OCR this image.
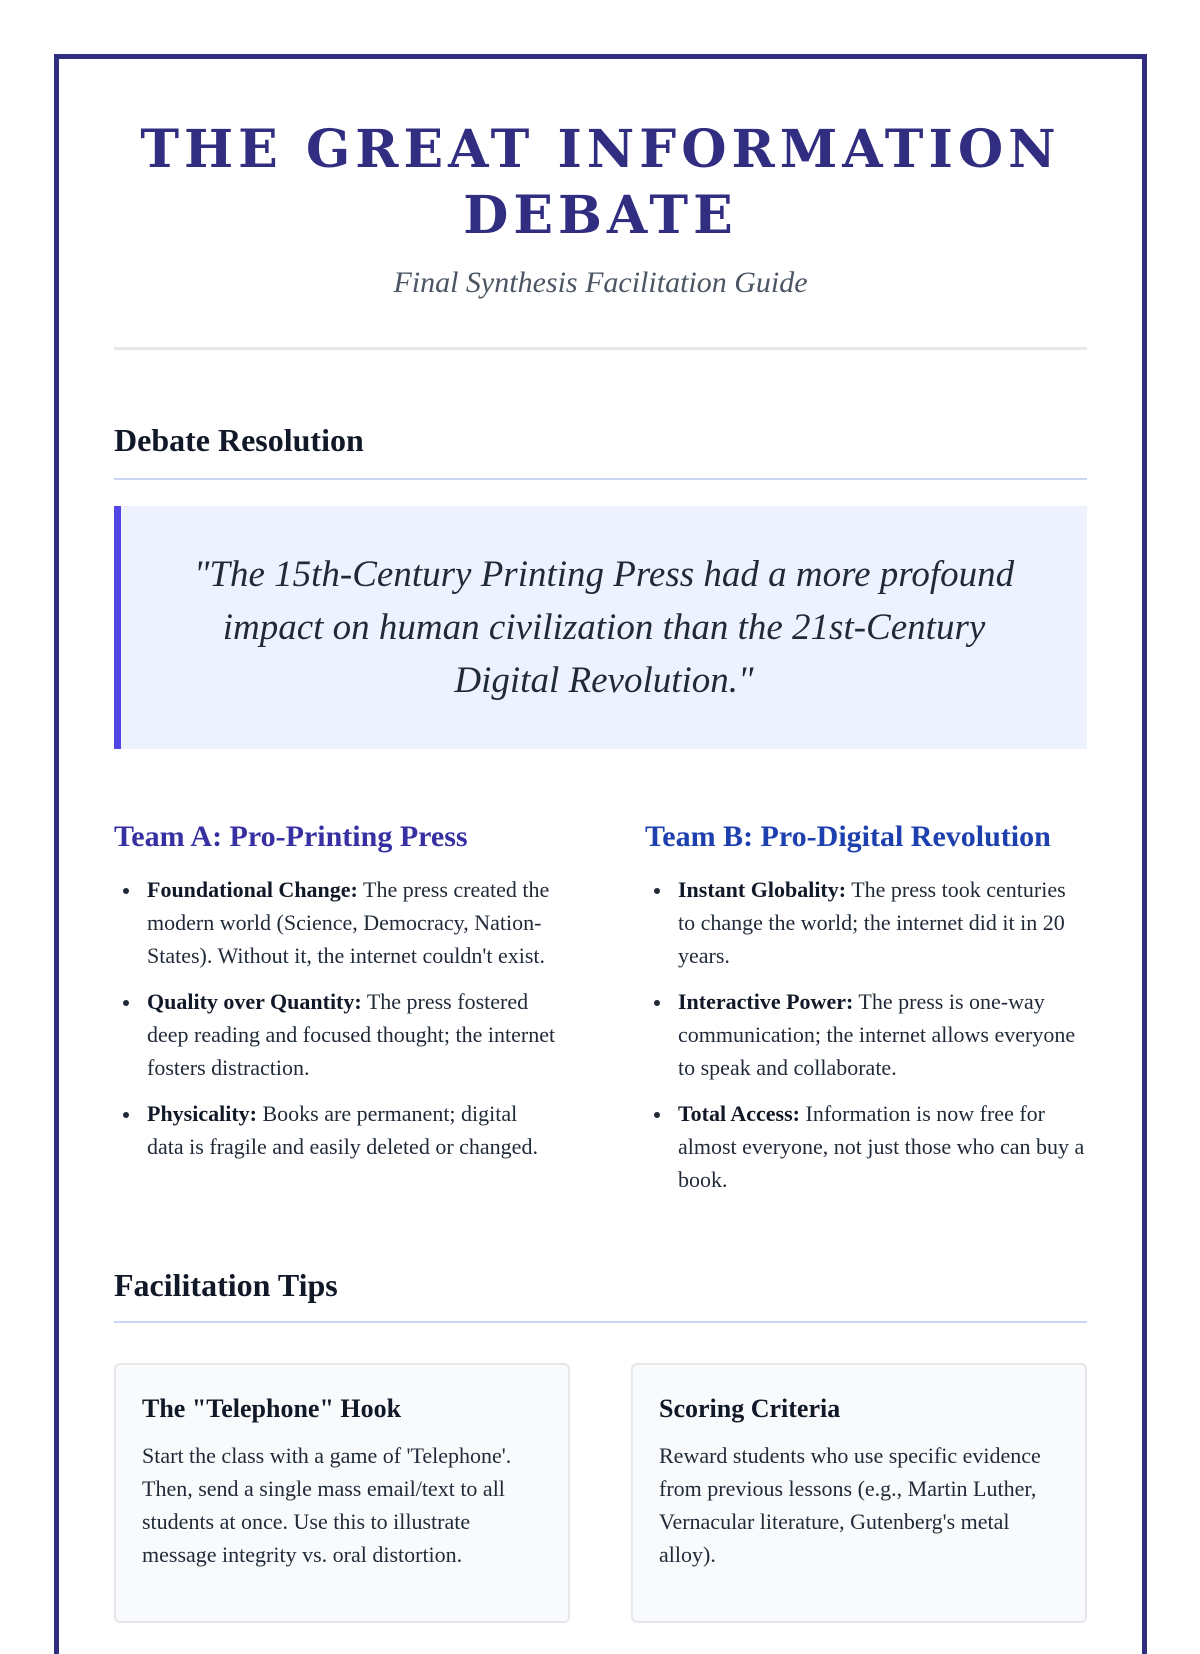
THE GREAT INFORMATION DEBATE

Final Synthesis Facilitation Guide

Debate Resolution
"The 15th-Century Printing Press had a more profound impact on human civilization than the 21st-Century Digital Revolution."
Team A: Pro-Printing Press
Foundational Change: The press created the modern world (Science, Democracy, Nation-States). Without it, the internet couldn't exist.
Quality over Quantity: The press fostered deep reading and focused thought; the internet fosters distraction.
Physicality: Books are permanent; digital data is fragile and easily deleted or changed.
Team B: Pro-Digital Revolution
Instant Globality: The press took centuries to change the world; the internet did it in 20 years.
Interactive Power: The press is one-way communication; the internet allows everyone to speak and collaborate.
Total Access: Information is now free for almost everyone, not just those who can buy a book.
Facilitation Tips
The "Telephone" Hook

Start the class with a game of 'Telephone'. Then, send a single mass email/text to all students at once. Use this to illustrate message integrity vs. oral distortion.

Scoring Criteria

Reward students who use specific evidence from previous lessons (e.g., Martin Luther, Vernacular literature, Gutenberg's metal alloy).
